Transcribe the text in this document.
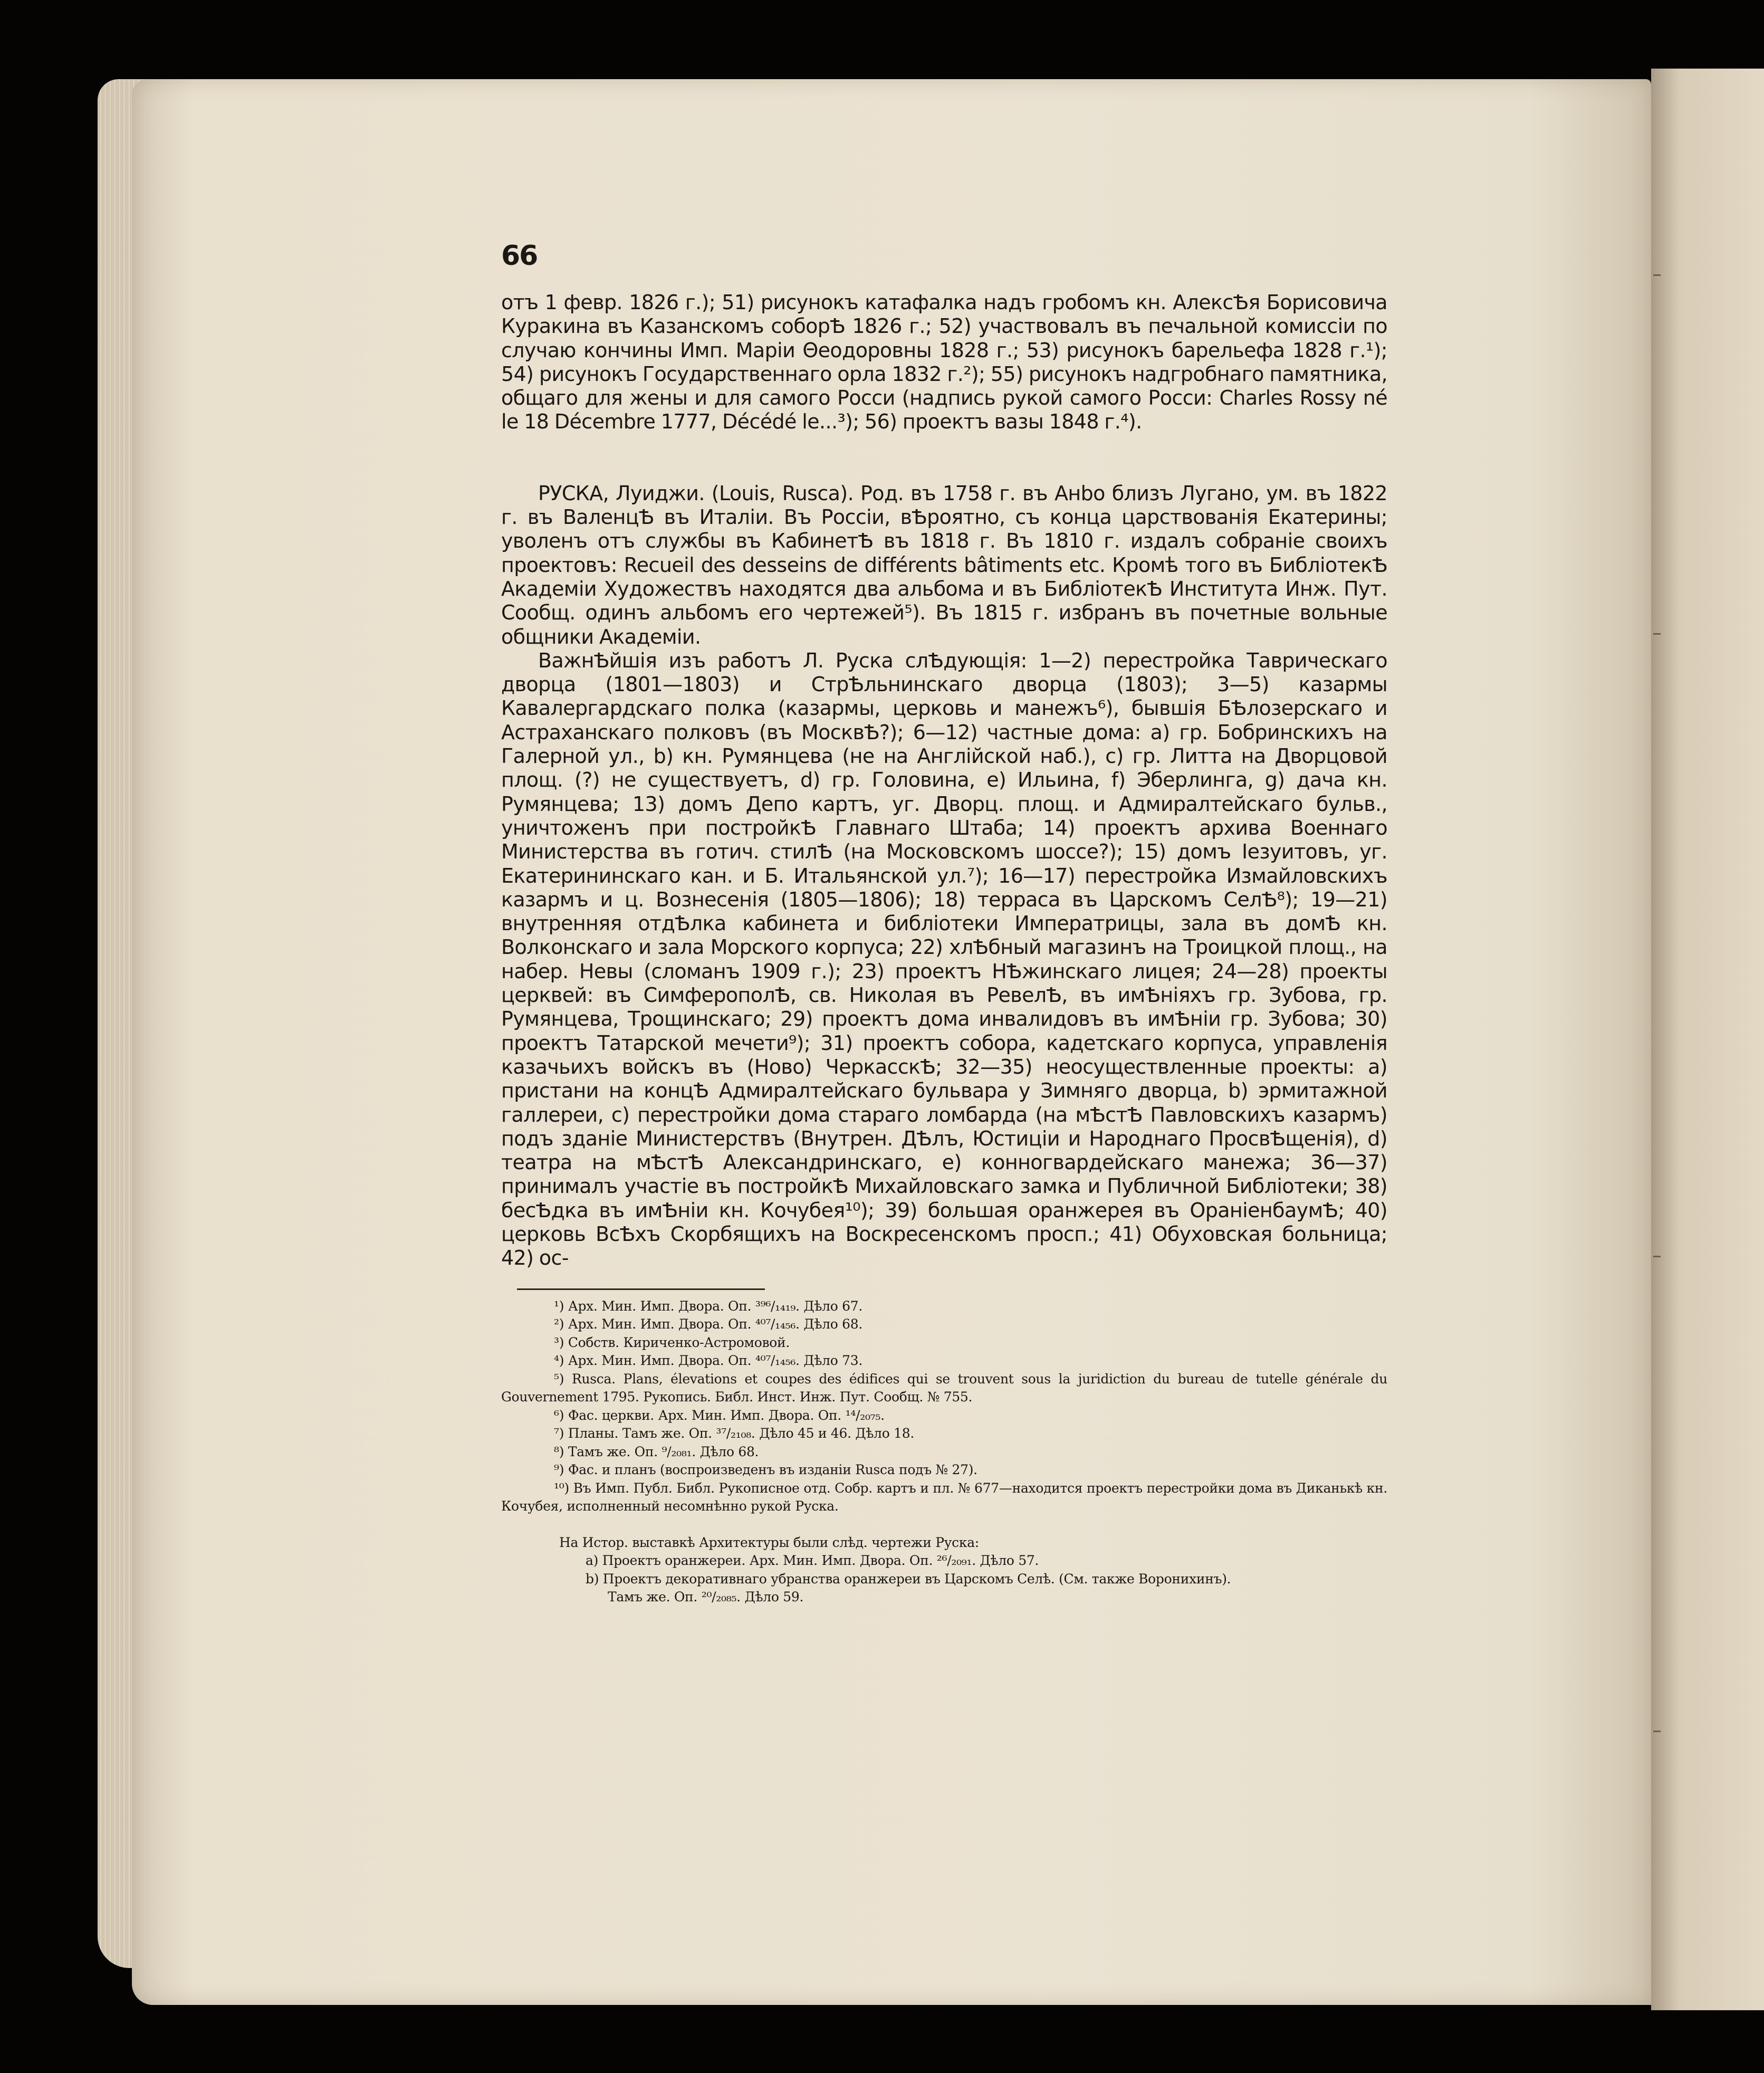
66

отъ 1 февр. 1826 г.); 51) рисунокъ катафалка надъ гробомъ кн. АлексѢя Борисовича Куракина въ Казанскомъ соборѢ 1826 г.; 52) участвовалъ въ печальной комиссіи по случаю кончины Имп. Маріи Θеодоровны 1828 г.; 53) рисунокъ барельефа 1828 г.¹); 54) рисунокъ Государственнаго орла 1832 г.²); 55) рисунокъ надгробнаго памятника, общаго для жены и для самого Росси (надпись рукой самого Росси: Charles Rossy né le 18 Décembre 1777, Décédé le...³); 56) проектъ вазы 1848 г.⁴).

РУСКА, Луиджи. (Louis, Rusca). Род. въ 1758 г. въ Анbо близъ Лугано, ум. въ 1822 г. въ ВаленцѢ въ Италіи. Въ Россіи, вѢроятно, съ конца царствованія Екатерины; уволенъ отъ службы въ КабинетѢ въ 1818 г. Въ 1810 г. издалъ собраніе своихъ проектовъ: Recueil des desseins de différents bâtiments etc. Кромѣ того въ БибліотекѢ Академіи Художествъ находятся два альбома и въ БибліотекѢ Института Инж. Пут. Сообщ. одинъ альбомъ его чертежей⁵). Въ 1815 г. избранъ въ почетные вольные общники Академіи.

ВажнѢйшія изъ работъ Л. Руска слѢдующія: 1—2) перестройка Таврическаго дворца (1801—1803) и СтрѢльнинскаго дворца (1803); 3—5) казармы Кавалергардскаго полка (казармы, церковь и манежъ⁶), бывшія БѢлозерскаго и Астраханскаго полковъ (въ МосквѢ?); 6—12) частные дома: a) гр. Бобринскихъ на Галерной ул., b) кн. Румянцева (не на Англійской наб.), c) гр. Литта на Дворцовой площ. (?) не существуетъ, d) гр. Головина, e) Ильина, f) Эберлинга, g) дача кн. Румянцева; 13) домъ Депо картъ, уг. Дворц. площ. и Адмиралтейскаго бульв., уничтоженъ при постройкѢ Главнаго Штаба; 14) проектъ архива Военнаго Министерства въ готич. стилѢ (на Московскомъ шоссе?); 15) домъ Іезуитовъ, уг. Екатерининскаго кан. и Б. Итальянской ул.⁷); 16—17) перестройка Измайловскихъ казармъ и ц. Вознесенія (1805—1806); 18) терраса въ Царскомъ СелѢ⁸); 19—21) внутренняя отдѢлка кабинета и библіотеки Императрицы, зала въ домѢ кн. Волконскаго и зала Морского корпуса; 22) хлѢбный магазинъ на Троицкой площ., на набер. Невы (сломанъ 1909 г.); 23) проектъ НѢжинскаго лицея; 24—28) проекты церквей: въ СимферополѢ, св. Николая въ РевелѢ, въ имѢніяхъ гр. Зубова, гр. Румянцева, Трощинскаго; 29) проектъ дома инвалидовъ въ имѢніи гр. Зубова; 30) проектъ Татарской мечети⁹); 31) проектъ собора, кадетскаго корпуса, управленія казачьихъ войскъ въ (Ново) ЧеркасскѢ; 32—35) неосуществленные проекты: a) пристани на концѢ Адмиралтейскаго бульвара у Зимняго дворца, b) эрмитажной галлереи, c) перестройки дома стараго ломбарда (на мѢстѢ Павловскихъ казармъ) подъ зданіе Министерствъ (Внутрен. ДѢлъ, Юстиціи и Народнаго ПросвѢщенія), d) театра на мѢстѢ Александринскаго, e) конногвардейскаго манежа; 36—37) принималъ участіе въ постройкѢ Михайловскаго замка и Публичной Библіотеки; 38) бесѢдка въ имѢніи кн. Кочубея¹⁰); 39) большая оранжерея въ ОраніенбаумѢ; 40) церковь ВсѢхъ Скорбящихъ на Воскресенскомъ просп.; 41) Обуховская больница; 42) ос-

¹) Арх. Мин. Имп. Двора. Оп. ³⁹⁶/₁₄₁₉. Дѣло 67.

²) Арх. Мин. Имп. Двора. Оп. ⁴⁰⁷/₁₄₅₆. Дѣло 68.

³) Собств. Кириченко-Астромовой.

⁴) Арх. Мин. Имп. Двора. Оп. ⁴⁰⁷/₁₄₅₆. Дѣло 73.

⁵) Rusca. Plans, élevations et coupes des édifices qui se trouvent sous la juridiction du bureau de tutelle générale du Gouvernement 1795. Рукопись. Библ. Инст. Инж. Пут. Сообщ. № 755.

⁶) Фас. церкви. Арх. Мин. Имп. Двора. Оп. ¹⁴/₂₀₇₅.

⁷) Планы. Тамъ же. Оп. ³⁷/₂₁₀₈. Дѣло 45 и 46. Дѣло 18.

⁸) Тамъ же. Оп. ⁹/₂₀₈₁. Дѣло 68.

⁹) Фас. и планъ (воспроизведенъ въ изданіи Rusca подъ № 27).

¹⁰) Въ Имп. Публ. Библ. Рукописное отд. Собр. картъ и пл. № 677—находится проектъ перестройки дома въ Диканькѣ кн. Кочубея, исполненный несомнѣнно рукой Руска.

На Истор. выставкѣ Архитектуры были слѣд. чертежи Руска:

a) Проектъ оранжереи. Арх. Мин. Имп. Двора. Оп. ²⁶/₂₀₉₁. Дѣло 57.

b) Проектъ декоративнаго убранства оранжереи въ Царскомъ Селѣ. (См. также Воронихинъ).

Тамъ же. Оп. ²⁰/₂₀₈₅. Дѣло 59.
